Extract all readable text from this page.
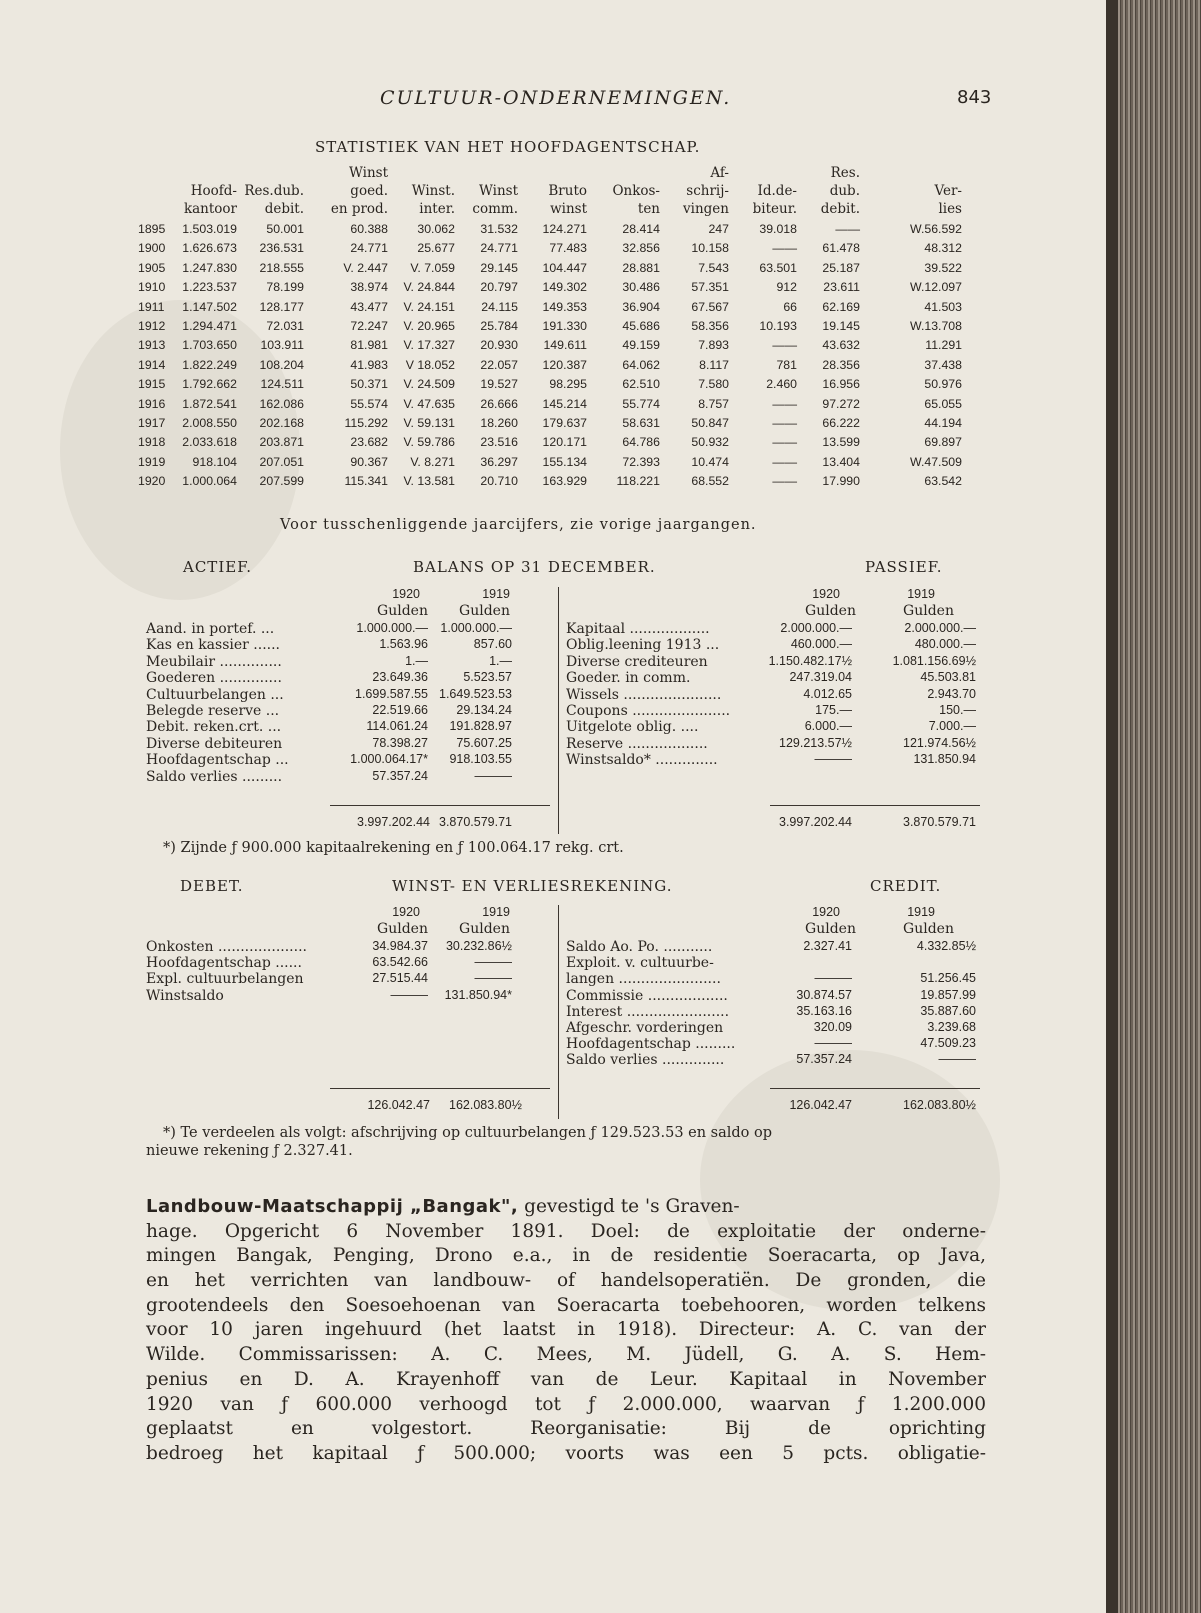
CULTUUR-ONDERNEMINGEN.	843
STATISTIEK VAN HET HOOFDAGENTSCHAP.
Winst	Af-	Res.
Hoofd- Res.dub.	goed.	Winst.	Winst	Bruto	Onkos-	schrij-	Id.de-	dub.	Ver-
kantoor	debit.	en prod.	inter.	comm.	winst	ten	vingen	biteur.	debit.	lies
1895	1.503.019	50.001	60.388	30.062	31.532	124.271	28.414	247	39.018	——	W.56.592
1900	1.626.673	236.531	24.771	25.677	24.771	77.483	32.856	10.158	——	61.478	48.312
1905	1.247.830	218.555	V. 2.447	V. 7.059	29.145	104.447	28.881	7.543	63.501	25.187	39.522
1910	1.223.537	78.199	38.974	V. 24.844	20.797	149.302	30.486	57.351	912	23.611	W.12.097
1911	1.147.502	128.177	43.477	V. 24.151	24.115	149.353	36.904	67.567	66	62.169	41.503
1912	1.294.471	72.031	72.247	V. 20.965	25.784	191.330	45.686	58.356	10.193	19.145	W.13.708
1913	1.703.650	103.911	81.981	V. 17.327	20.930	149.611	49.159	7.893	——	43.632	11.291
1914	1.822.249	108.204	41.983	V 18.052	22.057	120.387	64.062	8.117	781	28.356	37.438
1915	1.792.662	124.511	50.371	V. 24.509	19.527	98.295	62.510	7.580	2.460	16.956	50.976
1916	1.872.541	162.086	55.574	V. 47.635	26.666	145.214	55.774	8.757	——	97.272	65.055
1917	2.008.550	202.168	115.292	V. 59.131	18.260	179.637	58.631	50.847	——	66.222	44.194
1918	2.033.618	203.871	23.682	V. 59.786	23.516	120.171	64.786	50.932	——	13.599	69.897
1919	918.104	207.051	90.367	V. 8.271	36.297	155.134	72.393	10.474	——	13.404	W.47.509
1920	1.000.064	207.599	115.341	V. 13.581	20.710	163.929	118.221	68.552	——	17.990	63.542
Voor tusschenliggende jaarcijfers, zie vorige jaargangen.
ACTIEF.	BALANS OP 31 DECEMBER.	PASSIEF.
1920	1919
Gulden	Gulden
1920	1919
Gulden	Gulden
Aand. in portef. ...	1.000.000.— 1.000.000.—
Kas en kassier ......	1.563.96	857.60
Meubilair ..............	1.—	1.—
Goederen ..............	23.649.36	5.523.57
Cultuurbelangen ...	1.699.587.55 1.649.523.53
Belegde reserve ...	22.519.66	29.134.24
Debit. reken.crt. ...	114.061.24	191.828.97
Diverse debiteuren	78.398.27	75.607.25
Hoofdagentschap ...	1.000.064.17*	918.103.55
Saldo verlies .........	57.357.24	———
Kapitaal ..................	2.000.000.—	2.000.000.—
Oblig.leening 1913 ...	460.000.—	480.000.—
Diverse crediteuren	1.150.482.17½	1.081.156.69½
Goeder. in comm.	247.319.04	45.503.81
Wissels ......................	4.012.65	2.943.70
Coupons ......................	175.—	150.—
Uitgelote oblig. ....	6.000.—	7.000.—
Reserve ..................	129.213.57½	121.974.56½
Winstsaldo* ..............	———	131.850.94
3.997.202.44 3.870.579.71	3.997.202.44	3.870.579.71
*) Zijnde ƒ 900.000 kapitaalrekening en ƒ 100.064.17 rekg. crt.
DEBET.	WINST- EN VERLIESREKENING.	CREDIT.
1920	1919
Gulden	Gulden
1920	1919
Gulden	Gulden
Onkosten ....................	34.984.37	30.232.86½
Hoofdagentschap ......	63.542.66	———
Expl. cultuurbelangen	27.515.44	———
Winstsaldo	———	131.850.94*
Saldo Ao. Po. ...........	2.327.41	4.332.85½
Exploit. v. cultuurbe-
langen .......................	———	51.256.45
Commissie ..................	30.874.57	19.857.99
Interest .......................	35.163.16	35.887.60
Afgeschr. vorderingen	320.09	3.239.68
Hoofdagentschap .........	———	47.509.23
Saldo verlies ..............	57.357.24	———
126.042.47	162.083.80½	126.042.47	162.083.80½
*) Te verdeelen als volgt: afschrijving op cultuurbelangen ƒ 129.523.53 en saldo op
nieuwe rekening ƒ 2.327.41.
Landbouw-Maatschappij „Bangak", gevestigd te 's Graven-
hage. Opgericht 6 November 1891. Doel: de exploitatie der onderne-
mingen Bangak, Penging, Drono e.a., in de residentie Soeracarta, op Java,
en het verrichten van landbouw- of handelsoperatiën. De gronden, die
grootendeels den Soesoehoenan van Soeracarta toebehooren, worden telkens
voor 10 jaren ingehuurd (het laatst in 1918). Directeur: A. C. van der
Wilde. Commissarissen: A. C. Mees, M. Jüdell, G. A. S. Hem-
penius en D. A. Krayenhoff van de Leur. Kapitaal in November
1920 van ƒ 600.000 verhoogd tot ƒ 2.000.000, waarvan ƒ 1.200.000
geplaatst en volgestort. Reorganisatie: Bij de oprichting
bedroeg het kapitaal ƒ 500.000; voorts was een 5 pcts. obligatie-
